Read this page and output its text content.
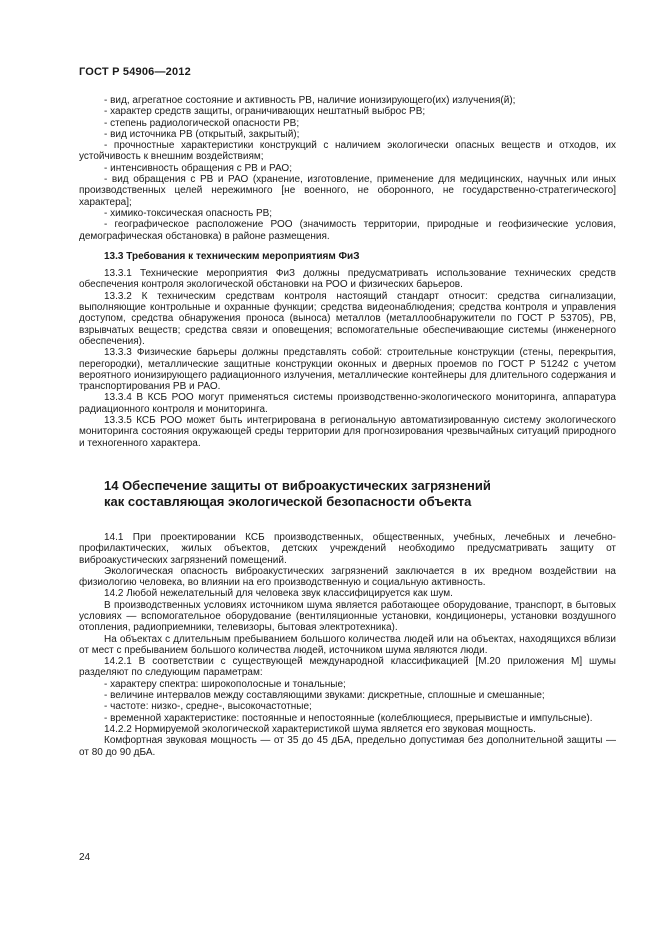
ГОСТ Р 54906—2012

- вид, агрегатное состояние и активность РВ, наличие ионизирующего(их) излучения(й);

- характер средств защиты, ограничивающих нештатный выброс РВ;

- степень радиологической опасности РВ;

- вид источника РВ (открытый, закрытый);

- прочностные характеристики конструкций с наличием экологически опасных веществ и отходов, их устойчивость к внешним воздействиям;

- интенсивность обращения с РВ и РАО;

- вид обращения с РВ и РАО (хранение, изготовление, применение для медицинских, научных или иных производственных целей нережимного [не военного, не оборонного, не государственно-стратегического] характера];

- химико-токсическая опасность РВ;

- географическое расположение РОО (значимость территории, природные и геофизические условия, демографическая обстановка) в районе размещения.

13.3 Требования к техническим мероприятиям ФиЗ

13.3.1 Технические мероприятия ФиЗ должны предусматривать использование технических средств обеспечения контроля экологической обстановки на РОО и физических барьеров.

13.3.2 К техническим средствам контроля настоящий стандарт относит: средства сигнализации, выполняющие контрольные и охранные функции; средства видеонаблюдения; средства контроля и управления доступом, средства обнаружения проноса (выноса) металлов (металлообнаружители по ГОСТ Р 53705), РВ, взрывчатых веществ; средства связи и оповещения; вспомогательные обеспечивающие системы (инженерного обеспечения).

13.3.3 Физические барьеры должны представлять собой: строительные конструкции (стены, перекрытия, перегородки), металлические защитные конструкции оконных и дверных проемов по ГОСТ Р 51242 с учетом вероятного ионизирующего радиационного излучения, металлические контейнеры для длительного содержания и транспортирования РВ и РАО.

13.3.4 В КСБ РОО могут применяться системы производственно-экологического мониторинга, аппаратура радиационного контроля и мониторинга.

13.3.5 КСБ РОО может быть интегрирована в региональную автоматизированную систему экологического мониторинга состояния окружающей среды территории для прогнозирования чрезвычайных ситуаций природного и техногенного характера.

14 Обеспечение защиты от виброакустических загрязнений
как составляющая экологической безопасности объекта

14.1 При проектировании КСБ производственных, общественных, учебных, лечебных и лечебно-профилактических, жилых объектов, детских учреждений необходимо предусматривать защиту от виброакустических загрязнений помещений.

Экологическая опасность виброакустических загрязнений заключается в их вредном воздействии на физиологию человека, во влиянии на его производственную и социальную активность.

14.2 Любой нежелательный для человека звук классифицируется как шум.

В производственных условиях источником шума является работающее оборудование, транспорт, в бытовых условиях — вспомогательное оборудование (вентиляционные установки, кондиционеры, установки воздушного отопления, радиоприемники, телевизоры, бытовая электротехника).

На объектах с длительным пребыванием большого количества людей или на объектах, находящихся вблизи от мест с пребыванием большого количества людей, источником шума являются люди.

14.2.1 В соответствии с существующей международной классификацией [М.20 приложения М] шумы разделяют по следующим параметрам:

- характеру спектра: широкополосные и тональные;

- величине интервалов между составляющими звуками: дискретные, сплошные и смешанные;

- частоте: низко-, средне-, высокочастотные;

- временной характеристике: постоянные и непостоянные (колеблющиеся, прерывистые и импульсные).

14.2.2 Нормируемой экологической характеристикой шума является его звуковая мощность.

Комфортная звуковая мощность — от 35 до 45 дБА, предельно допустимая без дополнительной защиты — от 80 до 90 дБА.

24
